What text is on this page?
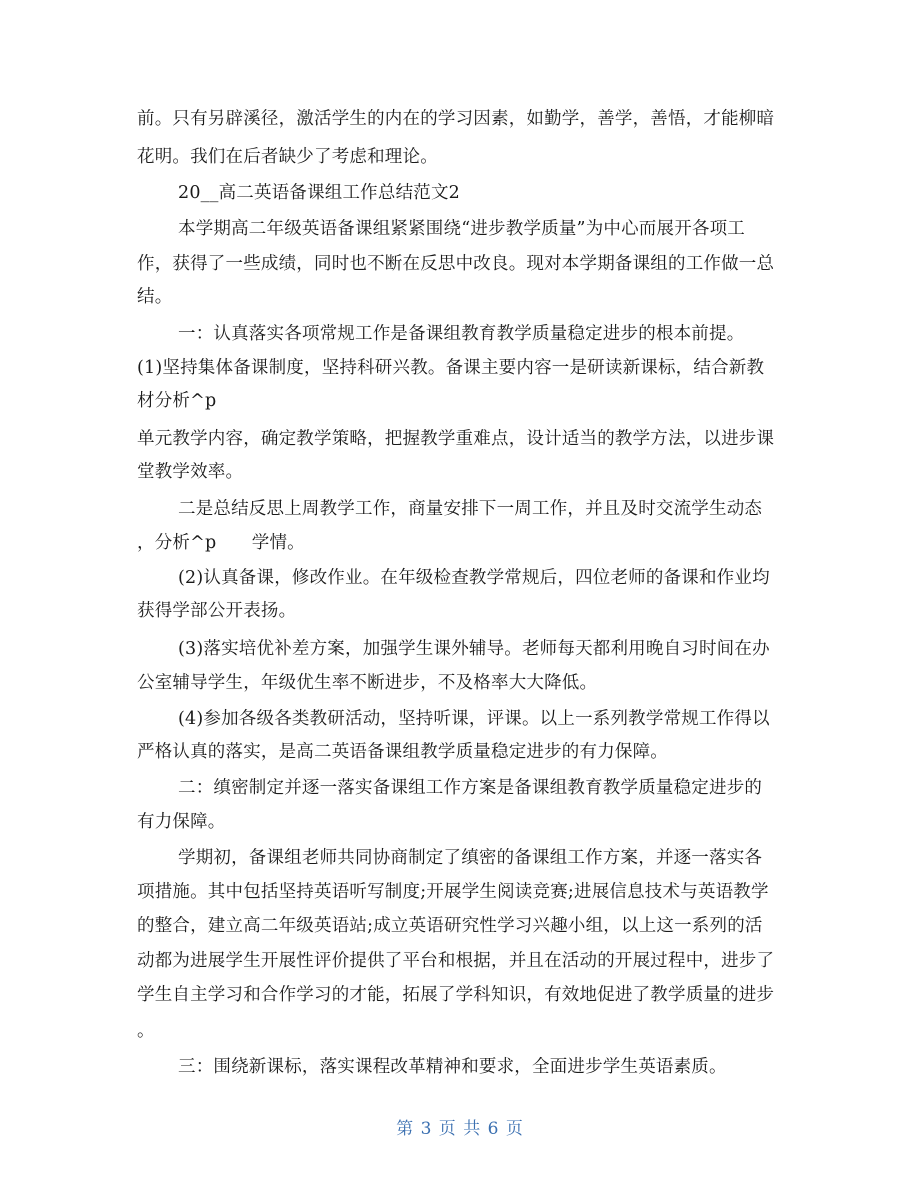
前。只有另辟溪径，激活学生的内在的学习因素，如勤学，善学，善悟，才能柳暗
花明。我们在后者缺少了考虑和理论。
20__高二英语备课组工作总结范文2
本学期高二年级英语备课组紧紧围绕“进步教学质量”为中心而展开各项工
作，获得了一些成绩，同时也不断在反思中改良。现对本学期备课组的工作做一总
结。
一：认真落实各项常规工作是备课组教育教学质量稳定进步的根本前提。
(1)坚持集体备课制度，坚持科研兴教。备课主要内容一是研读新课标，结合新教
材分析^p
单元教学内容，确定教学策略，把握教学重难点，设计适当的教学方法，以进步课
堂教学效率。
二是总结反思上周教学工作，商量安排下一周工作，并且及时交流学生动态
，分析^p　　学情。
(2)认真备课，修改作业。在年级检查教学常规后，四位老师的备课和作业均
获得学部公开表扬。
(3)落实培优补差方案，加强学生课外辅导。老师每天都利用晚自习时间在办
公室辅导学生，年级优生率不断进步，不及格率大大降低。
(4)参加各级各类教研活动，坚持听课，评课。以上一系列教学常规工作得以
严格认真的落实，是高二英语备课组教学质量稳定进步的有力保障。
二：缜密制定并逐一落实备课组工作方案是备课组教育教学质量稳定进步的
有力保障。
学期初，备课组老师共同协商制定了缜密的备课组工作方案，并逐一落实各
项措施。其中包括坚持英语听写制度;开展学生阅读竞赛;进展信息技术与英语教学
的整合，建立高二年级英语站;成立英语研究性学习兴趣小组，以上这一系列的活
动都为进展学生开展性评价提供了平台和根据，并且在活动的开展过程中，进步了
学生自主学习和合作学习的才能，拓展了学科知识，有效地促进了教学质量的进步
。
三：围绕新课标，落实课程改革精神和要求，全面进步学生英语素质。
第 3 页 共 6 页
